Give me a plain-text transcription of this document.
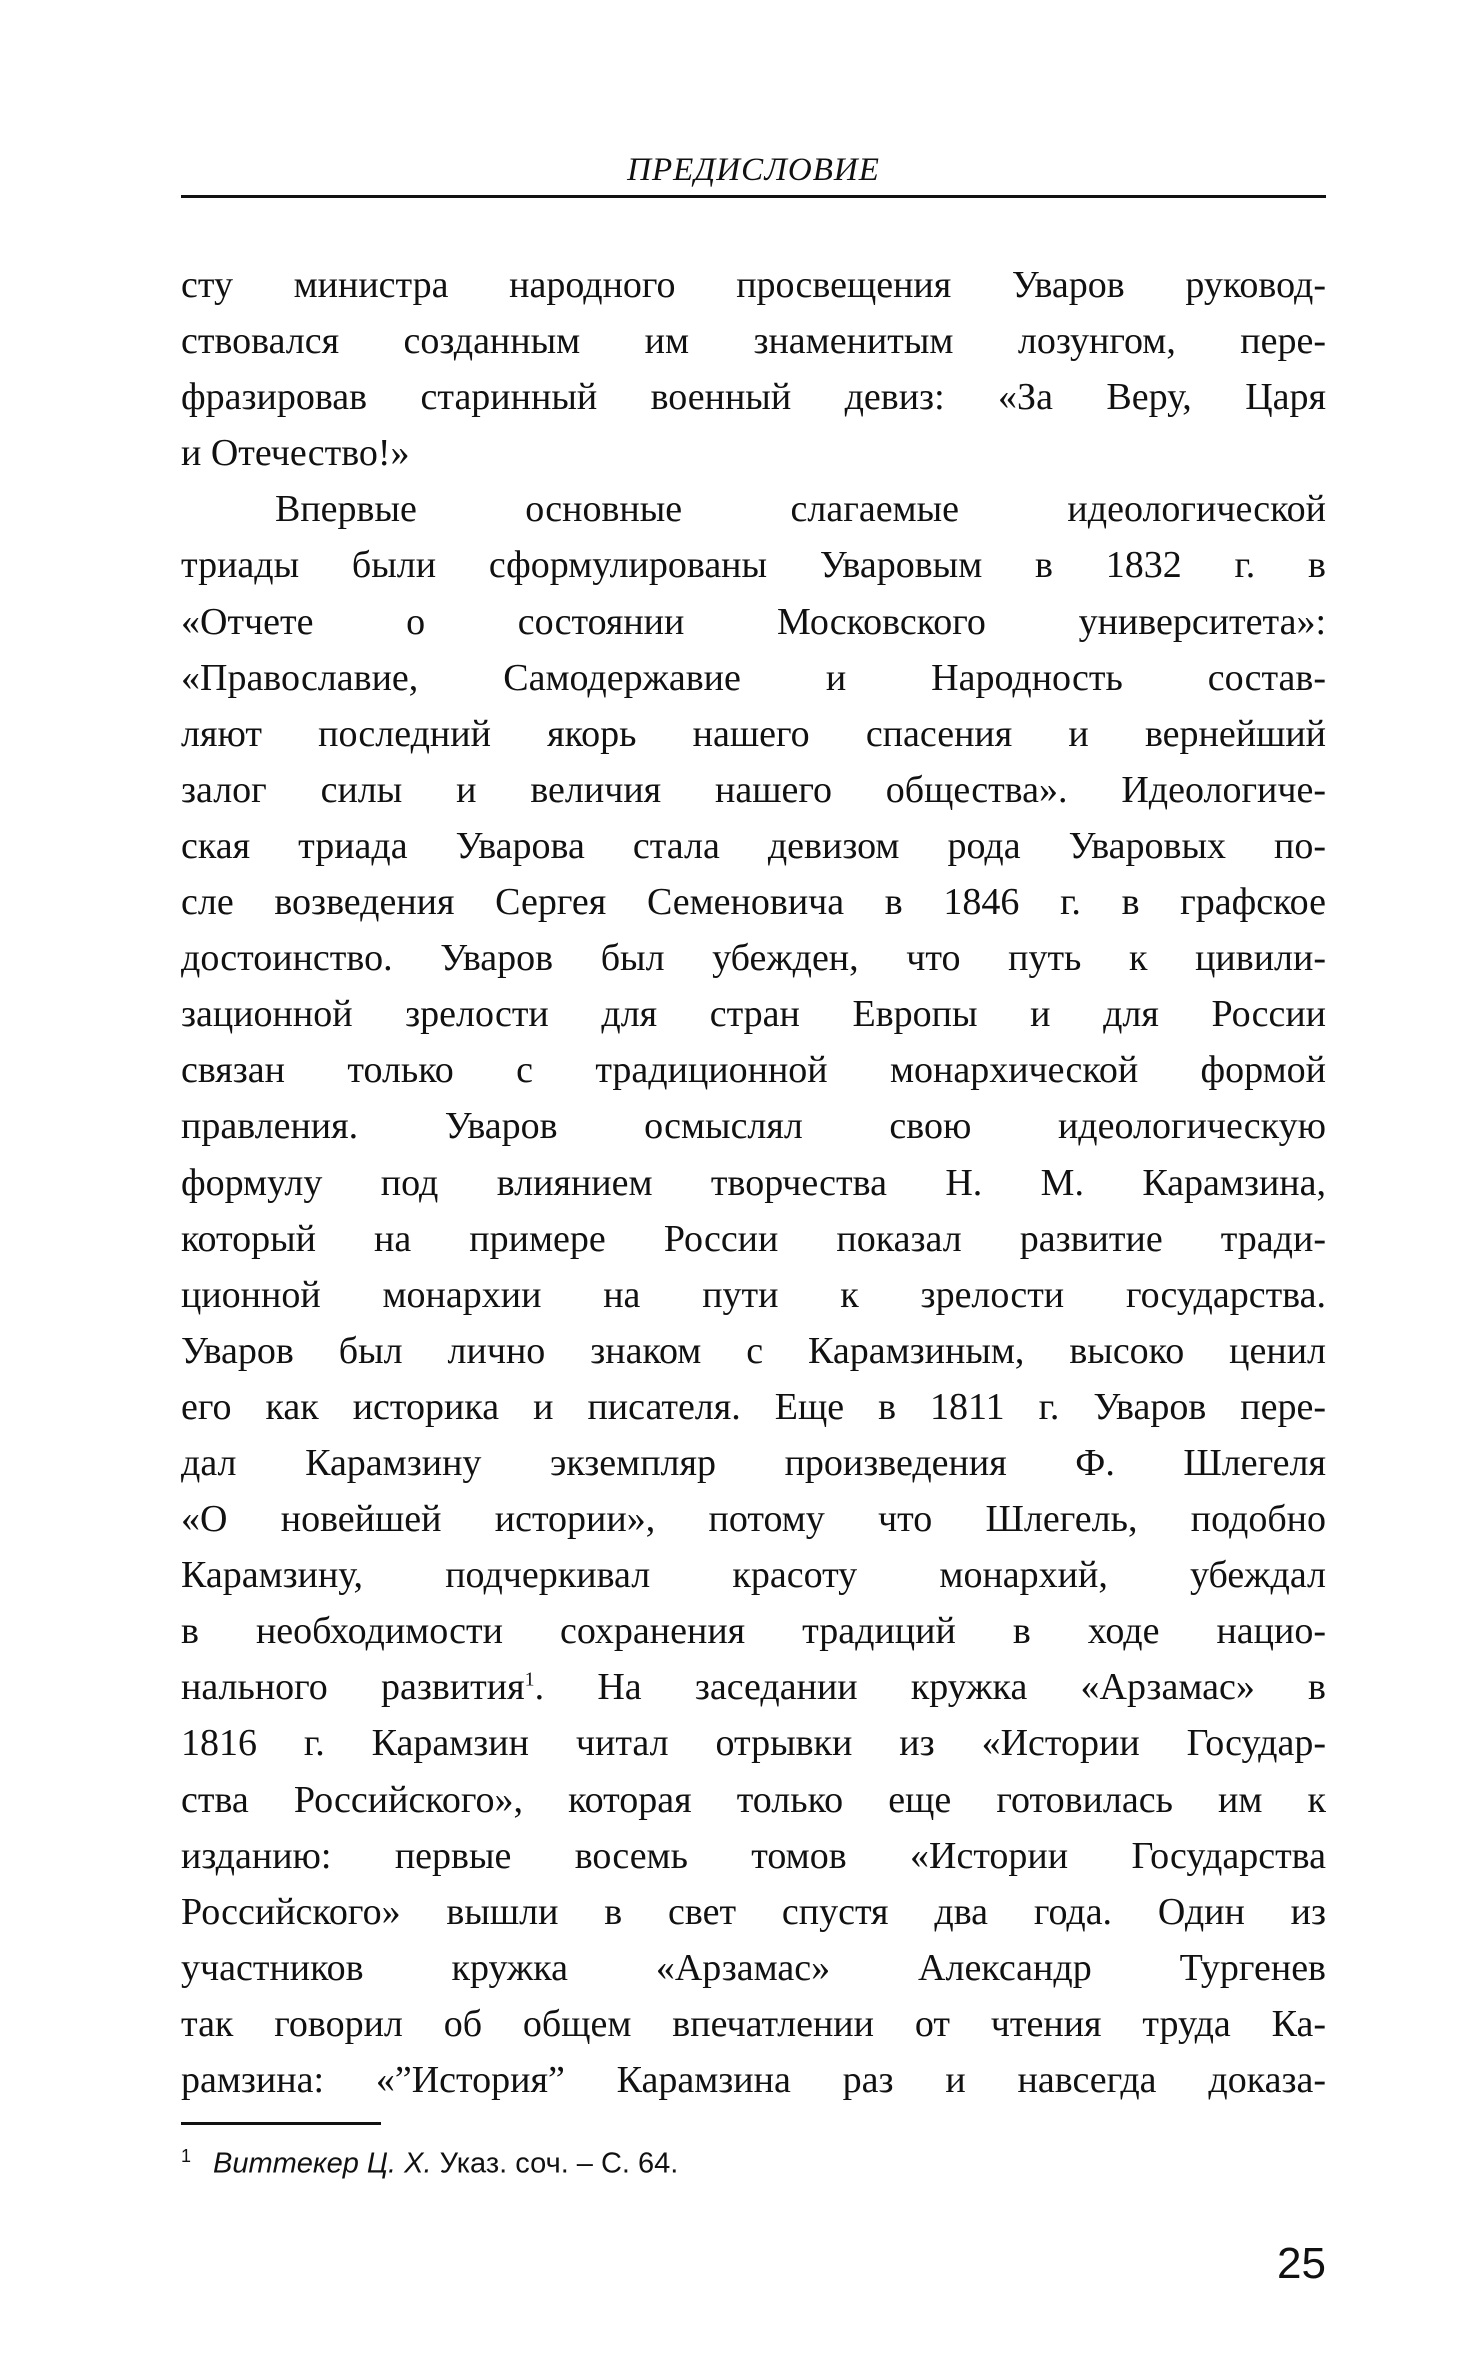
ПРЕДИСЛОВИЕ
сту министра народного просвещения Уваров руковод-
ствовался созданным им знаменитым лозунгом, пере-
фразировав старинный военный девиз: «За Веру, Царя
и Отечество!»
Впервые основные слагаемые идеологической
триады были сформулированы Уваровым в 1832 г. в
«Отчете о состоянии Московского университета»:
«Православие, Самодержавие и Народность состав-
ляют последний якорь нашего спасения и вернейший
залог силы и величия нашего общества». Идеологиче-
ская триада Уварова стала девизом рода Уваровых по-
сле возведения Сергея Семеновича в 1846 г. в графское
достоинство. Уваров был убежден, что путь к цивили-
зационной зрелости для стран Европы и для России
связан только с традиционной монархической формой
правления. Уваров осмыслял свою идеологическую
формулу под влиянием творчества Н. М. Карамзина,
который на примере России показал развитие тради-
ционной монархии на пути к зрелости государства.
Уваров был лично знаком с Карамзиным, высоко ценил
его как историка и писателя. Еще в 1811 г. Уваров пере-
дал Карамзину экземпляр произведения Ф. Шлегеля
«О новейшей истории», потому что Шлегель, подобно
Карамзину, подчеркивал красоту монархий, убеждал
в необходимости сохранения традиций в ходе нацио-
нального развития$^1$. На заседании кружка «Арзамас» в
1816 г. Карамзин читал отрывки из «Истории Государ-
ства Российского», которая только еще готовилась им к
изданию: первые восемь томов «Истории Государства
Российского» вышли в свет спустя два года. Один из
участников кружка «Арзамас» Александр Тургенев
так говорил об общем впечатлении от чтения труда Ка-
рамзина: «”История” Карамзина раз и навсегда доказа-
$^1$ Виттекер Ц. Х. Указ. соч. – С. 64.
25
